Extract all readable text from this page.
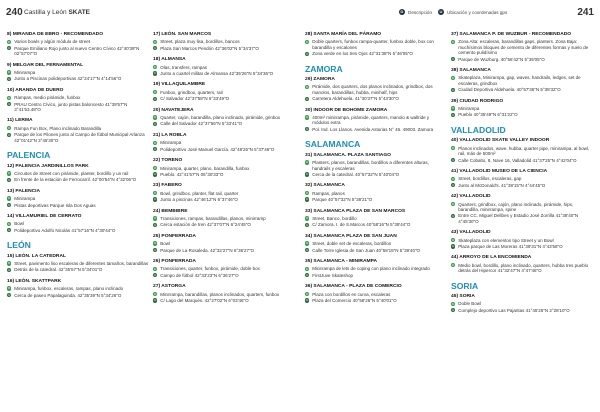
240 Castilla y León SKATE	D Descripción	U Ubicación y coordenadas gps	241
8) MIRANDA DE EBRO - RECOMENDADO
D Varios bowls y algún módulo de street
U Parque Emiliano Rojo junto al nuevo Centro Cívico 42°40'39"N 02°57'07"O
9) MELGAR DEL FERNAMENTAL
D Minirampa
U Junto a Piscinas polideportivas 42°24'17"N 4°14'56"O
10) ARANDA DE DUERO
D Rampas, medio pirámide, funbox
U PRAU Centro Cívico, junto pistas baloncesto 41°39'57"N 3°41'53.48"O
11) LERMA
D Rampa Fun Box, Plano inclinado Barandilla
U Parque de los Pilones junto al Campo de fútbol Municipal Arlanza 42°01'42"N 3°45'30"O
PALENCIA
12) PALENCIA JARDINILLOS PARK
D Circuitos de Street con pirámide, planter, bordillo y un rail
U En frente de la estación de Ferrocarril. 42°00'54"N 4°32'06"O
13) PALENCIA
D Minirampa
U Pistas deportivas Parque Isla Dos Aguas
14) VILLAMURIEL DE CERRATO
D Bowl
U Polideportivo Adolfo Nicolás 41°57'16"N 4°30'44"O
LEÓN
15) LEÓN. LA CATEDRAL
D Street, pavimento liso escaleras de diferentes tamaños, barandillas
U Detrás de la catedral. 42°35'57"N 5°34'01"O
16) LEÓN. SKATTPARK
D Minirampa, funbox, escaleras, rampas, plano inclinado
U Cerca de paseo Papalaguinda. 42°35'39"N 5°34'26"O
17) LEÓN. SAN MARCOS
D Street, plaza muy lisa, bordillos, bancos
U Plaza San Marcos Pendón 42°36'02"N 5°34'37"O
18) ALMANSA
D Olas, transfers, rampas
U Junto a cuartel militar de Almansa 42°35'26"N 5°34'36"O
19) VILLAQUILAMBRE
D Funbox, grindbox, quarters, rail
U C/ Salvador 42°37'58"N 5°33'49"O
20) NAVATEJERA
D Quarter, cajón, barandilla, plano inclinado, pirámide, grinbox
U Calle del Salvador 42°37'56"N 5°33'41"O
21) LA ROBLA
D Minirampa
U Polideportivo José Manuel García. 42°48'26"N 5°37'46"O
22) TORENO
D Minirampa, quarter, plano, barandilla, funbox
U Pueblo. 42°41'57"N 06°30'33"O
23) FABERO
D Bowl, grindbox, planter, flat rail, quarter
U Junto a piscinas 42°46'12"N 6°37'46"O
24) BEMBIBRE
D Transiciones, rampas, barandillas, planos, minirramp
U Cerca estación de tren 42°37'07"N 6°24'45"O
25) PONFERRADA
D Bowl
U Parque de La Rosaleda. 42°32'27"N 6°36'27"O
26) PONFERRADA
D Transiciones, quarter, funbox, pirámide, doble box
U Campo de fútbol 42°33'23"N 6°36'27"O
27) ASTORGA
D Minirrampa, barandillas, planos inclinados, quarters, funbox
U C/ Lago del Marqués. 42°27'02"N 6°03'46"O
28) SANTA MARÍA DEL PÁRAMO
D Doble quarters, funbox rampa-quarter, funbox doble, box con barandilla y escalones
U Zona verde en los tres Ojos 42°31'38"N 5°46'05"O
ZAMORA
29) ZAMORA
D Pirámide, dos quarters, dos planos inclinados, grindbox, dos manolos, barandillas, hubba, minihalf, hips
U Carretera Aldehuela. 41°30'37"N 5°43'30"O
30) INDOOR DE BOHOME ZAMORA
D 400m² minirrampa, pirámide, quarters, manolo & wallride y módulos extra
U Pol. Ind. Los Llanos. Avenida Asturias N° 46. 49003. Zamora
SALAMANCA
31) SALAMANCA. PLAZA SANTIAGO
D Planters, planos, barandillas, bordillos a diferentes alturas, handrails y escaleras
U Cerca de la catedral. 40°57'32"N 5°40'04"O
32) SALAMANCA
D Rampas, planos
U Parque 40°57'32"N 5°38'21"O
33) SALAMANCA PLAZA DE SAN MARCOS
D Street, Banco, bordillo
U C/ Zamora. I. de S.Marcos 40°58'16"N 5°39'44"O
34) SALAMANCA PLAZA DE SAN JUAN
D Street, doble set de escaleras, bordillos
U Calle Torre Iglesia de San Juan 40°58'15"N 5°39'40"O
35) SALAMANCA - MINIRAMPA
D Minirrampa de lets de coping con plano inclinado integrado
U FirstJuve Skateshop
36) SALAMANCA - PLAZA DE COMERCIO
D Plaza con bordillos en curva, escaleras
U Plaza del Comercio 40°58'26"N 5°40'01"O
37) SALAMANCA P. DE WUZBUR - RECOMENDADO
D Zona Alta: escaleras, barandillas gaps, planters. Zona Baja: muchísimos bloques de cemento de diferentes formas y suelo de cemento pulidísimo
U Parque de Wuzburg. 40°56'42"N 5°35'05"O
38) SALAMANCA
D Skateplaza, Minirampa, gap, waves, handrails, ledges, set de escaleras, grindbox
U Ciudad Deportiva Aldehuela. 40°57'36"N 5°38'32"O
39) CIUDAD RODRIGO
D Minirampa
U Pueblo 40°35'49"N 6°31'22"O
VALLADOLID
40) VALLADOLID SKATE VALLEY INDOOR
D Planos inclinados, wave, hubba, quarter pipe, minirampa, al bowl, rail, más de 500m²
U Calle Cobalto, 8, Nave 16, Valladolid 41°37'25"N 4°42'04"O
41) VALLADOLID MUSEO DE LA CIENCIA
D Street, bordillos, escaleras, gap
U Junto al McDonald's. 41°38'15"N 4°44'45"O
42) VALLADOLID
D Quarters, grindbox, cajón, plano inclinado, pirámide, hips, barandilla, minirrampa, spine
U Entre CC. Miguel Delibes y Estadio José Zorrilla 41°38'40"N 4°45'30"O
43) VALLADOLID
D Skateplaza con elementos tipo Street y un Bowl
U Plaza parque de Las Moreras 41°39'31"N 4°43'58"O
44) ARROYO DE LA ENCOMIENDA
D Medio bowl, bordillo, plano inclinado, quarters, hubba tres pueblo detrás del Hipercor 41°32'47"N 4°47'46"O
SORIA
45) SORIA
D Doble Bowl
U Complejo deportivo Las Pajaritas 41°45'25"N 2°28'10"O
